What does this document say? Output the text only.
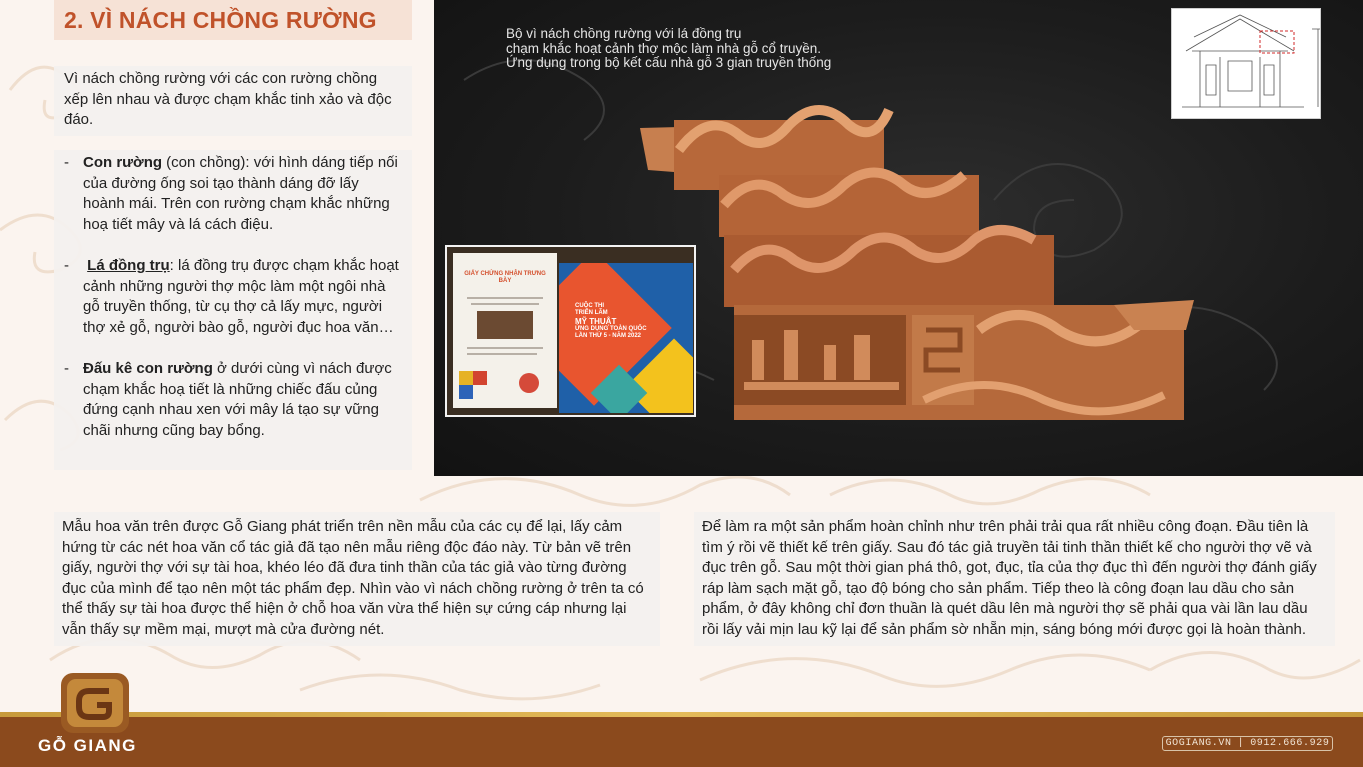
2. VÌ NÁCH CHỒNG RƯỜNG
Vì nách chồng rường với các con rường chồng xếp lên nhau và được chạm khắc tinh xảo và độc đáo.
- Con rường (con chồng): với hình dáng tiếp nối của đường ống soi tạo thành dáng đỡ lấy hoành mái. Trên con rường chạm khắc những hoạ tiết mây và lá cách điệu.
-	Lá đồng trụ: lá đồng trụ được chạm khắc hoạt cảnh những người thợ mộc làm một ngôi nhà gỗ truyền thống, từ cụ thợ cả lấy mực, người thợ xẻ gỗ, người bào gỗ, người đục hoa văn…
- Đấu kê con rường ở dưới cùng vì nách được chạm khắc hoạ tiết là những chiếc đấu củng đứng cạnh nhau xen với mây lá tạo sự vững chãi nhưng cũng bay bổng.
Bộ vì nách chồng rường với lá đồng trụ
chạm khắc hoạt cảnh thợ mộc làm nhà gỗ cổ truyền.
Ứng dụng trong bộ kết cấu nhà gỗ 3 gian truyền thống
GIẤY CHỨNG NHẬN TRƯNG BÀY
CUỘC THI
TRIỂN LÃM
MỸ THUẬT
ỨNG DỤNG TOÀN QUỐC
LẦN THỨ 5 - NĂM 2022
Mẫu hoa văn trên được Gỗ Giang phát triển trên nền mẫu của các cụ để lại, lấy cảm hứng từ các nét hoa văn cổ tác giả đã tạo nên mẫu riêng độc đáo này. Từ bản vẽ trên giấy, người thợ với sự tài hoa, khéo léo đã đưa tinh thần của tác giả vào từng đường đục của mình để tạo nên một tác phẩm đẹp. Nhìn vào vì nách chồng rường ở trên ta có thể thấy sự tài hoa được thể hiện ở chỗ hoa văn vừa thể hiện sự cứng cáp nhưng lại vẫn thấy sự mềm mại, mượt mà cửa đường nét.
Để làm ra một sản phẩm hoàn chỉnh như trên phải trải qua rất nhiều công đoạn. Đầu tiên là tìm ý rồi vẽ thiết kế trên giấy. Sau đó tác giả truyền tải tinh thần thiết kế cho người thợ vẽ và đục trên gỗ. Sau một thời gian phá thô, got, đục, tỉa của thợ đục thì đến người thợ đánh giấy ráp làm sạch mặt gỗ, tạo độ bóng cho sản phẩm. Tiếp theo là công đoạn lau dầu cho sản phẩm, ở đây không chỉ đơn thuần là quét dầu lên mà người thợ sẽ phải qua vài lần lau dầu rồi lấy vải mịn lau kỹ lại để sản phẩm sờ nhẵn mịn, sáng bóng mới được gọi là hoàn thành.
GỖ GIANG	GOGIANG.VN | 0912.666.929
